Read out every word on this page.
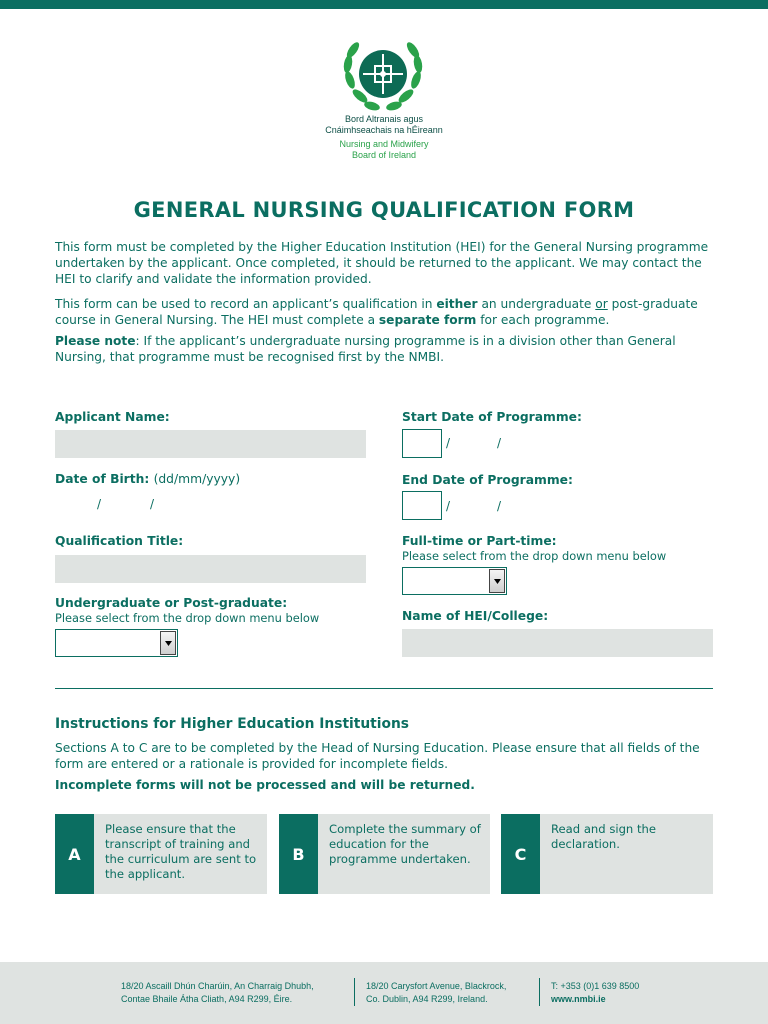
Bord Altranais agus
Cnáimhseachais na hÉireann
Nursing and Midwifery
Board of Ireland
GENERAL NURSING QUALIFICATION FORM
This form must be completed by the Higher Education Institution (HEI) for the General Nursing programme undertaken by the applicant. Once completed, it should be returned to the applicant. We may contact the HEI to clarify and validate the information provided.
This form can be used to record an applicant’s qualification in either an undergraduate or post-graduate course in General Nursing. The HEI must complete a separate form for each programme.
Please note: If the applicant’s undergraduate nursing programme is in a division other than General Nursing, that programme must be recognised first by the NMBI.
Applicant Name:
Date of Birth: (dd/mm/yyyy)
/	/
Qualification Title:
Undergraduate or Post-graduate:
Please select from the drop down menu below
Start Date of Programme:
/	/
End Date of Programme:
/	/
Full-time or Part-time:
Please select from the drop down menu below
Name of HEI/College:
Instructions for Higher Education Institutions
Sections A to C are to be completed by the Head of Nursing Education. Please ensure that all fields of the form are entered or a rationale is provided for incomplete fields.
Incomplete forms will not be processed and will be returned.
A
Please ensure that the transcript of training and the curriculum are sent to the applicant.
B
Complete the summary of education for the programme undertaken.	C
Read and sign the declaration.
18/20 Ascaill Dhún Charúin, An Charraig Dhubh,
Contae Bhaile Átha Cliath, A94 R299, Éire.
18/20 Carysfort Avenue, Blackrock,
Co. Dublin, A94 R299, Ireland.
T: +353 (0)1 639 8500
www.nmbi.ie
